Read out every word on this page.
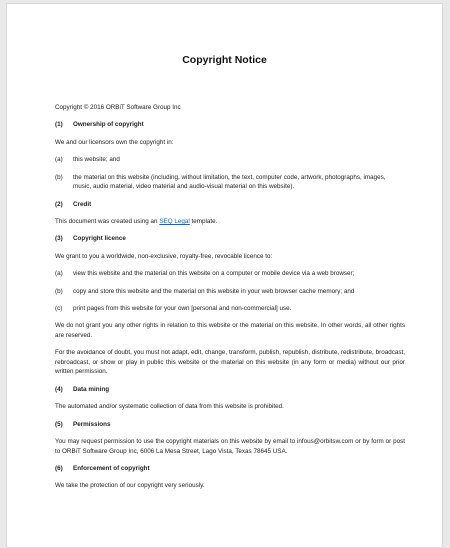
Copyright Notice
Copyright © 2016 ORBiT Software Group Inc
(1)	Ownership of copyright
We and our licensors own the copyright in:
(a)	this website; and
(b)	the material on this website (including, without limitation, the text, computer code, artwork, photographs, images, music, audio material, video material and audio-visual material on this website).
(2)	Credit
This document was created using an SEQ Legal template.
(3)	Copyright licence
We grant to you a worldwide, non-exclusive, royalty-free, revocable licence to:
(a)	view this website and the material on this website on a computer or mobile device via a web browser;
(b)	copy and store this website and the material on this website in your web browser cache memory; and
(c)	print pages from this website for your own [personal and non-commercial] use.
We do not grant you any other rights in relation to this website or the material on this website. In other words, all other rights are reserved.
For the avoidance of doubt, you must not adapt, edit, change, transform, publish, republish, distribute, redistribute, broadcast, rebroadcast, or show or play in public this website or the material on this website (in any form or media) without our prior written permission.
(4)	Data mining
The automated and/or systematic collection of data from this website is prohibited.
(5)	Permissions
You may request permission to use the copyright materials on this website by email to infous@orbitsw.com or by form or post to ORBiT Software Group Inc, 6006 La Mesa Street, Lago Vista, Texas 78645 USA.
(6)	Enforcement of copyright
We take the protection of our copyright very seriously.
